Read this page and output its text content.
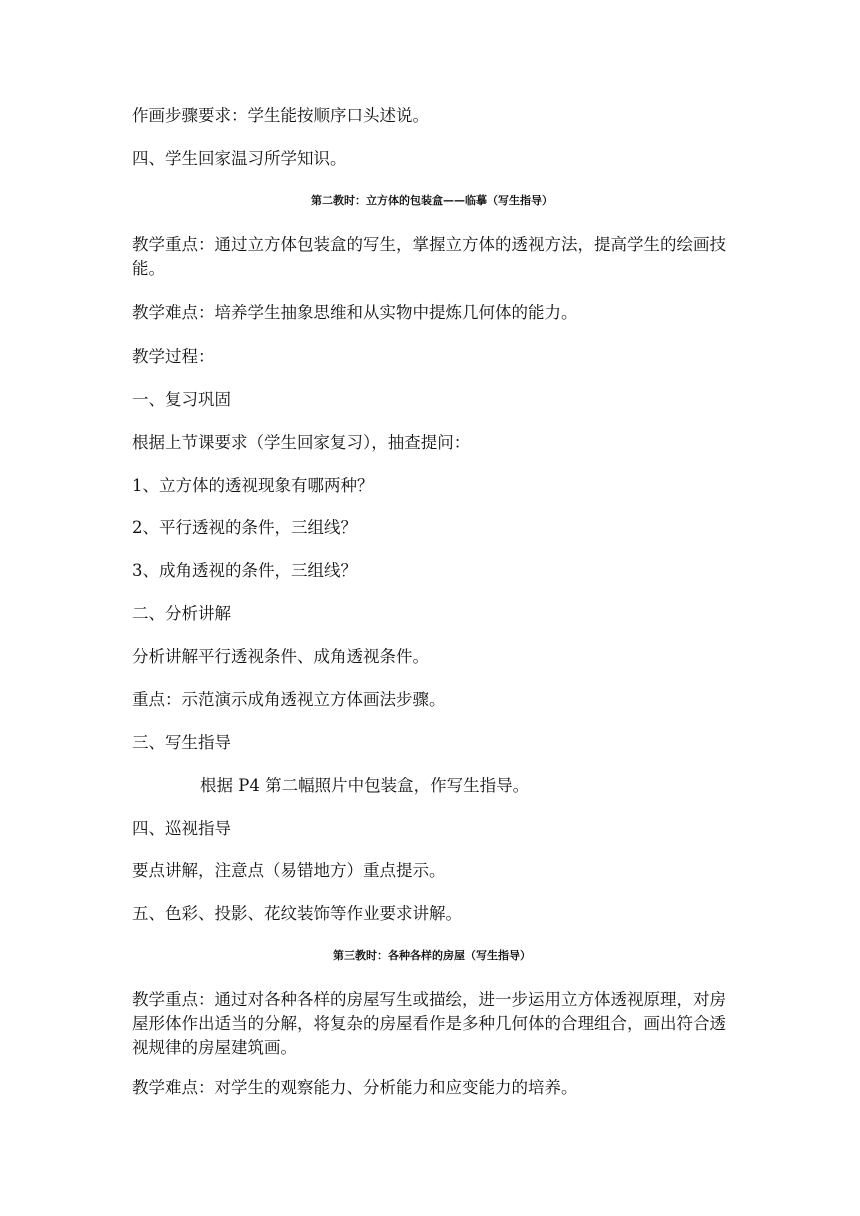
作画步骤要求：学生能按顺序口头述说。

四、学生回家温习所学知识。

第二教时：立方体的包装盒——临摹（写生指导）

教学重点：通过立方体包装盒的写生，掌握立方体的透视方法，提高学生的绘画技能。

教学难点：培养学生抽象思维和从实物中提炼几何体的能力。

教学过程：

一、复习巩固

根据上节课要求（学生回家复习），抽查提问：

1、立方体的透视现象有哪两种？

2、平行透视的条件，三组线？

3、成角透视的条件，三组线？

二、分析讲解

分析讲解平行透视条件、成角透视条件。

重点：示范演示成角透视立方体画法步骤。

三、写生指导

根据 P4 第二幅照片中包装盒，作写生指导。

四、巡视指导

要点讲解，注意点（易错地方）重点提示。

五、色彩、投影、花纹装饰等作业要求讲解。

第三教时：各种各样的房屋（写生指导）

教学重点：通过对各种各样的房屋写生或描绘，进一步运用立方体透视原理，对房屋形体作出适当的分解，将复杂的房屋看作是多种几何体的合理组合，画出符合透视规律的房屋建筑画。

教学难点：对学生的观察能力、分析能力和应变能力的培养。
